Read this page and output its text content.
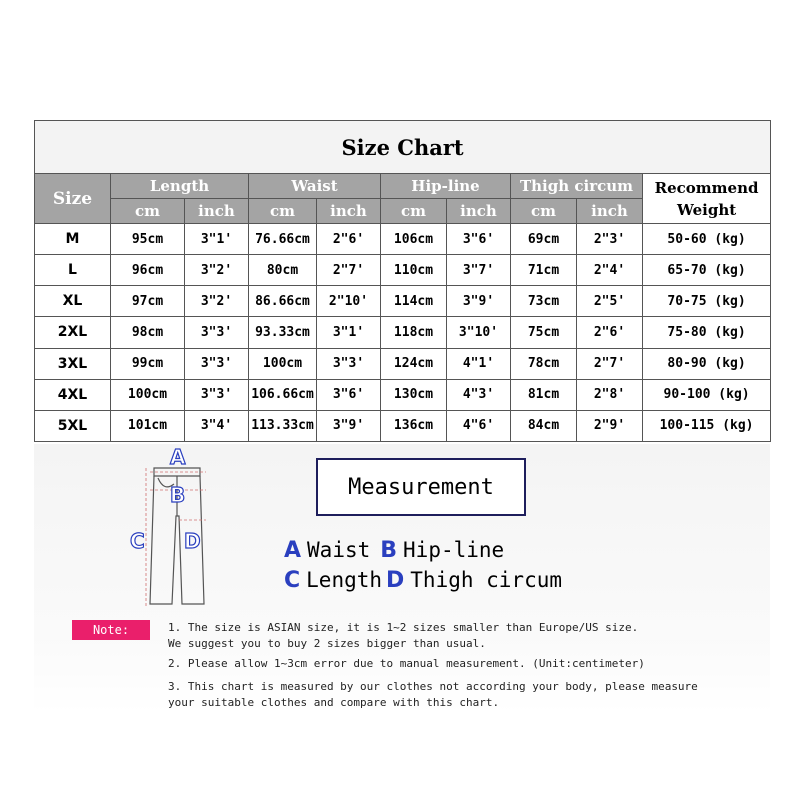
Size Chart									
Size	Length		Waist		Hip-line		Thigh circum		Recommend
Weight

	cm	inch	cm	inch	cm	inch	cm	inch	
M	95cm	3"1'	76.66cm	2"6'	106cm	3"6'	69cm	2"3'	50-60 (kg)
L	96cm	3"2'	80cm	2"7'	110cm	3"7'	71cm	2"4'	65-70 (kg)
XL	97cm	3"2'	86.66cm	2"10'	114cm	3"9'	73cm	2"5'	70-75 (kg)
2XL	98cm	3"3'	93.33cm	3"1'	118cm	3"10'	75cm	2"6'	75-80 (kg)
3XL	99cm	3"3'	100cm	3"3'	124cm	4"1'	78cm	2"7'	80-90 (kg)
4XL	100cm	3"3'	106.66cm	3"6'	130cm	4"3'	81cm	2"8'	90-100 (kg)
5XL	101cm	3"4'	113.33cm	3"9'	136cm	4"6'	84cm	2"9'	100-115 (kg)
A
B
C D
Measurement
A Waist B Hip-line
C Length D Thigh circum
Note:	1. The size is ASIAN size, it is 1~2 sizes smaller than Europe/US size.
We suggest you to buy 2 sizes bigger than usual.
2. Please allow 1~3cm error due to manual measurement. (Unit:centimeter)
3. This chart is measured by our clothes not according your body, please measure
your suitable clothes and compare with this chart.
